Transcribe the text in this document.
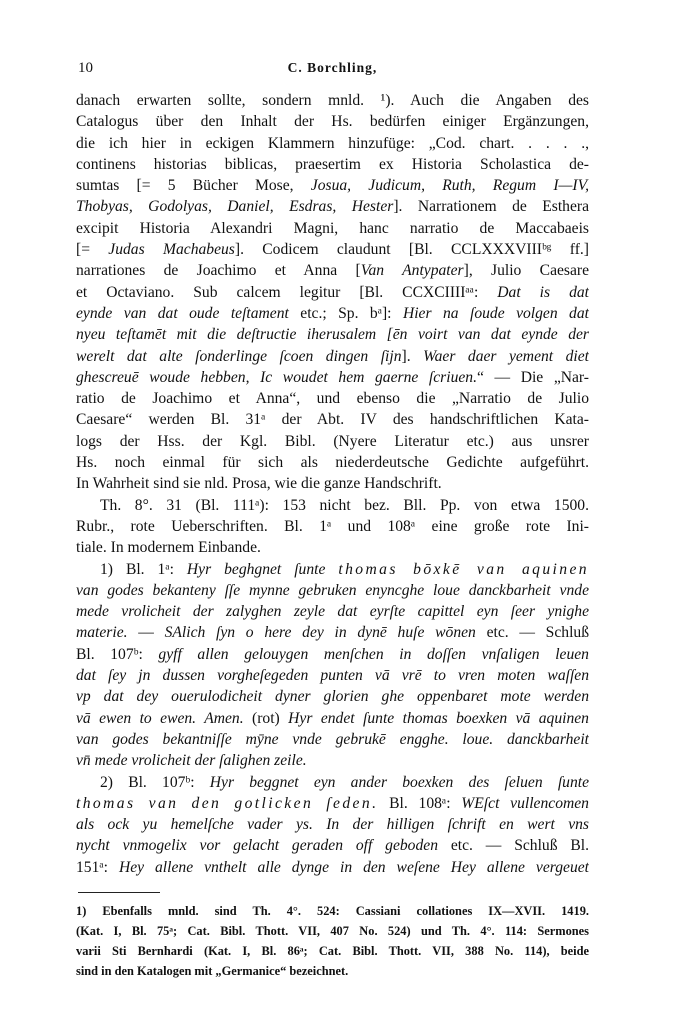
10	C. Borchling,
danach erwarten sollte, sondern mnld. ¹). Auch die Angaben des
Catalogus über den Inhalt der Hs. bedürfen einiger Ergänzungen,
die ich hier in eckigen Klammern hinzufüge: „Cod. chart. . . . .,
continens historias biblicas, praesertim ex Historia Scholastica de-
sumtas [= 5 Bücher Mose, Josua, Judicum, Ruth, Regum I—IV,
Thobyas, Godolyas, Daniel, Esdras, Hester]. Narrationem de Esthera
excipit Historia Alexandri Magni, hanc narratio de Maccabaeis
[= Judas Machabeus]. Codicem claudunt [Bl. CCLXXXVIIIᵇᵍ ff.]
narrationes de Joachimo et Anna [Van Antypater], Julio Caesare
et Octaviano. Sub calcem legitur [Bl. CCXCIIIIᵃᵃ: Dat is dat
eynde van dat oude teſtament etc.; Sp. bᵃ]: Hier na ſoude volgen dat
nyeu teſtamēt mit die deſtructie iherusalem [ēn voirt van dat eynde der
werelt dat alte ſonderlinge ſcoen dingen ſijn]. Waer daer yement diet
ghescreuē woude hebben, Ic woudet hem gaerne ſcriuen.“ — Die „Nar-
ratio de Joachimo et Anna“, und ebenso die „Narratio de Julio
Caesare“ werden Bl. 31ᵃ der Abt. IV des handschriftlichen Kata-
logs der Hss. der Kgl. Bibl. (Nyere Literatur etc.) aus unsrer
Hs. noch einmal für sich als niederdeutsche Gedichte aufgeführt.
In Wahrheit sind sie nld. Prosa, wie die ganze Handschrift.
Th. 8°. 31 (Bl. 111ᵃ): 153 nicht bez. Bll. Pp. von etwa 1500.
Rubr., rote Ueberschriften. Bl. 1ᵃ und 108ᵃ eine große rote Ini-
tiale. In modernem Einbande.
1) Bl. 1ᵃ: Hyr beghgnet ſunte thomas bōxkē van aquinen
van godes bekanteny ſſe mynne gebruken enyncghe loue danckbarheit vnde
mede vrolicheit der zalyghen zeyle dat eyrſte capittel eyn ſeer ynighe
materie. — SAlich ſyn o here dey in dynē huſe wōnen etc. — Schluß
Bl. 107ᵇ: gyff allen gelouygen menſchen in doſſen vnſaligen leuen
dat ſey jn dussen vorgheſegeden punten vā vrē to vren moten waſſen
vp dat dey ouerulodicheit dyner glorien ghe oppenbaret mote werden
vā ewen to ewen. Amen. (rot) Hyr endet ſunte thomas boexken vā aquinen
van godes bekantniſſe mȳne vnde gebrukē engghe. loue. danckbarheit
vn̄ mede vrolicheit der ſalighen zeile.
2) Bl. 107ᵇ: Hyr beggnet eyn ander boexken des ſeluen ſunte
thomas van den gotlicken ſeden. Bl. 108ᵃ: WEſct vullencomen
als ock yu hemelſche vader ys. In der hilligen ſchrift en wert vns
nycht vnmogelix vor gelacht geraden off geboden etc. — Schluß Bl.
151ᵃ: Hey allene vnthelt alle dynge in den weſene Hey allene vergeuet
1) Ebenfalls mnld. sind Th. 4°. 524: Cassiani collationes IX—XVII. 1419.
(Kat. I, Bl. 75ᵃ; Cat. Bibl. Thott. VII, 407 No. 524) und Th. 4°. 114: Sermones
varii Sti Bernhardi (Kat. I, Bl. 86ᵃ; Cat. Bibl. Thott. VII, 388 No. 114), beide
sind in den Katalogen mit „Germanice“ bezeichnet.
